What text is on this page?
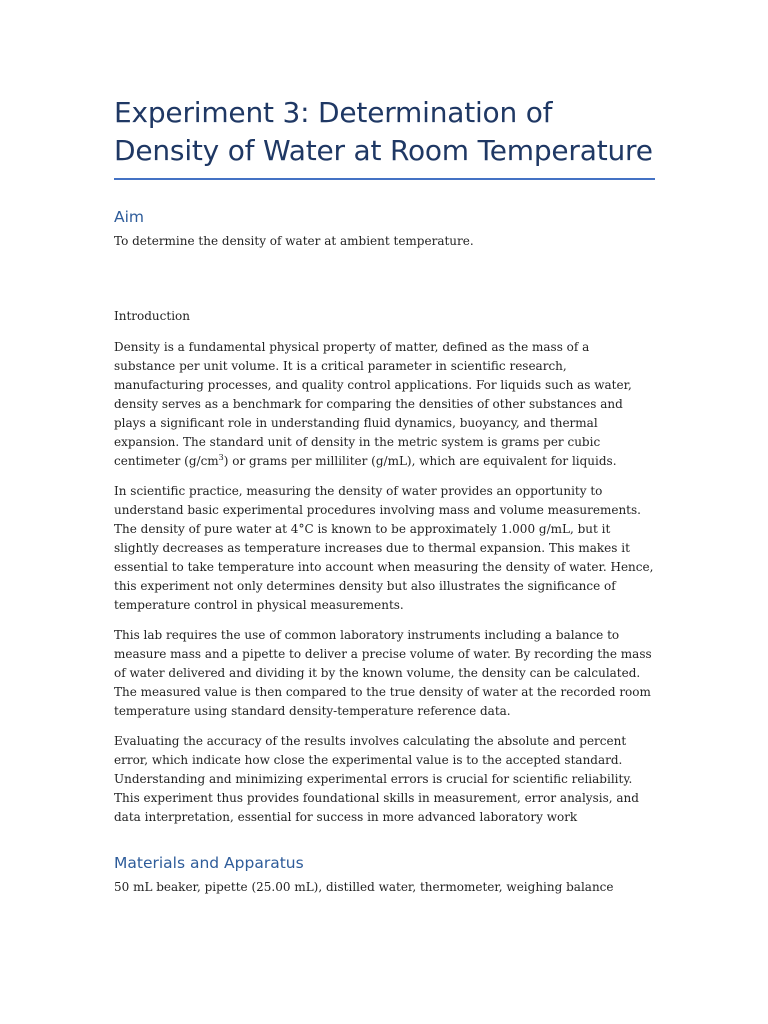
Experiment 3: Determination of Density of Water at Room Temperature
Aim

To determine the density of water at ambient temperature.

Introduction

Density is a fundamental physical property of matter, defined as the mass of a substance per unit volume. It is a critical parameter in scientific research, manufacturing processes, and quality control applications. For liquids such as water, density serves as a benchmark for comparing the densities of other substances and plays a significant role in understanding fluid dynamics, buoyancy, and thermal expansion. The standard unit of density in the metric system is grams per cubic centimeter $(g/cm^3)$ or grams per milliliter (g/mL), which are equivalent for liquids.

In scientific practice, measuring the density of water provides an opportunity to understand basic experimental procedures involving mass and volume measurements. The density of pure water at 4°C is known to be approximately 1.000 g/mL, but it slightly decreases as temperature increases due to thermal expansion. This makes it essential to take temperature into account when measuring the density of water. Hence, this experiment not only determines density but also illustrates the significance of temperature control in physical measurements.

This lab requires the use of common laboratory instruments including a balance to measure mass and a pipette to deliver a precise volume of water. By recording the mass of water delivered and dividing it by the known volume, the density can be calculated. The measured value is then compared to the true density of water at the recorded room temperature using standard density-temperature reference data.

Evaluating the accuracy of the results involves calculating the absolute and percent error, which indicate how close the experimental value is to the accepted standard. Understanding and minimizing experimental errors is crucial for scientific reliability. This experiment thus provides foundational skills in measurement, error analysis, and data interpretation, essential for success in more advanced laboratory work

Materials and Apparatus

50 mL beaker, pipette (25.00 mL), distilled water, thermometer, weighing balance
